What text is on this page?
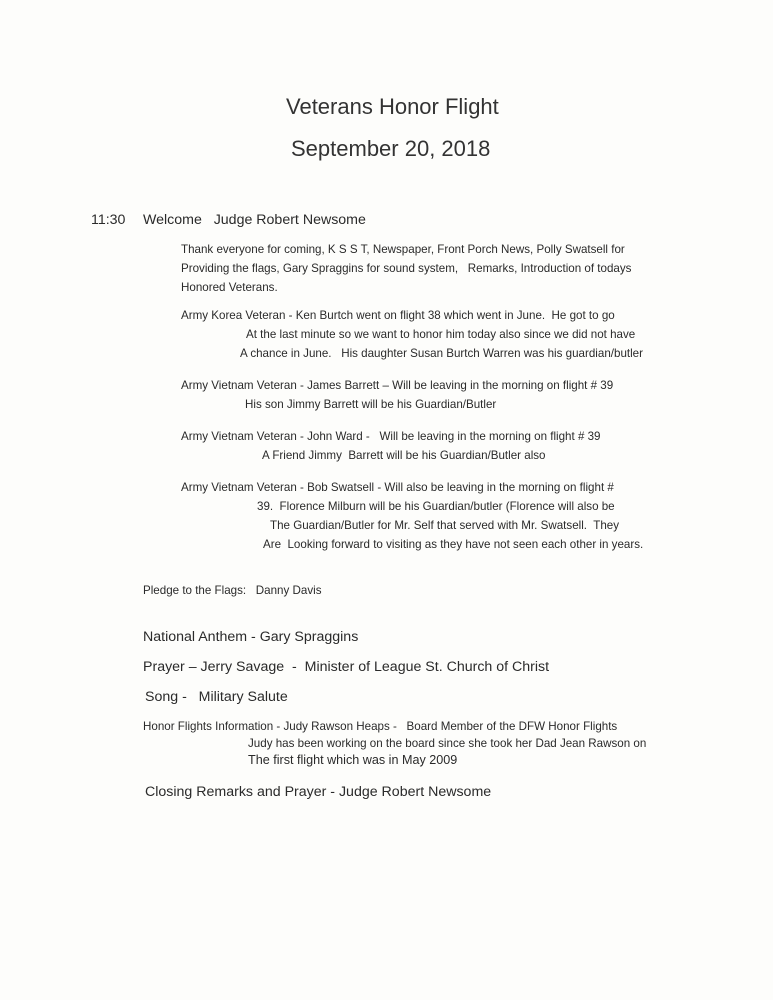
Veterans Honor Flight
September 20, 2018
11:30 Welcome   Judge Robert Newsome
Thank everyone for coming, K S S T, Newspaper, Front Porch News, Polly Swatsell for
Providing the flags, Gary Spraggins for sound system,   Remarks, Introduction of todays
Honored Veterans.
Army Korea Veteran - Ken Burtch went on flight 38 which went in June.  He got to go
At the last minute so we want to honor him today also since we did not have
A chance in June.   His daughter Susan Burtch Warren was his guardian/butler
Army Vietnam Veteran - James Barrett – Will be leaving in the morning on flight # 39
His son Jimmy Barrett will be his Guardian/Butler
Army Vietnam Veteran - John Ward -   Will be leaving in the morning on flight # 39
A Friend Jimmy  Barrett will be his Guardian/Butler also
Army Vietnam Veteran - Bob Swatsell - Will also be leaving in the morning on flight #
39.  Florence Milburn will be his Guardian/butler (Florence will also be
The Guardian/Butler for Mr. Self that served with Mr. Swatsell.  They
Are  Looking forward to visiting as they have not seen each other in years.
Pledge to the Flags:   Danny Davis
National Anthem - Gary Spraggins
Prayer – Jerry Savage  -  Minister of League St. Church of Christ
Song -   Military Salute
Honor Flights Information - Judy Rawson Heaps -   Board Member of the DFW Honor Flights
Judy has been working on the board since she took her Dad Jean Rawson on
The first flight which was in May 2009
Closing Remarks and Prayer - Judge Robert Newsome
